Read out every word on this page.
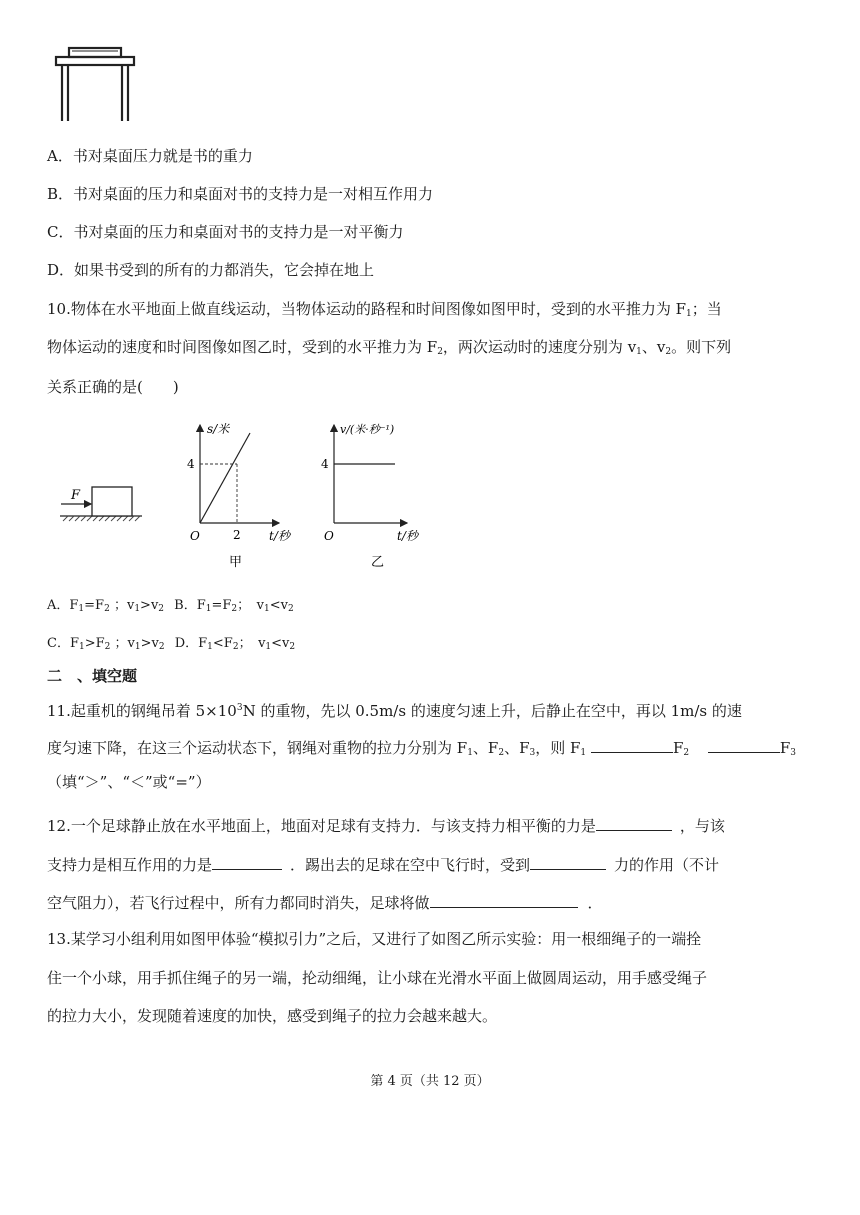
A．书对桌面压力就是书的重力
B．书对桌面的压力和桌面对书的支持力是一对相互作用力
C．书对桌面的压力和桌面对书的支持力是一对平衡力
D．如果书受到的所有的力都消失，它会掉在地上
10.物体在水平地面上做直线运动，当物体运动的路程和时间图像如图甲时，受到的水平推力为 $F_1$；当
物体运动的速度和时间图像如图乙时，受到的水平推力为 $F_2$，两次运动时的速度分别为 $v_1$、$v_2$。则下列
关系正确的是(　　)
F
s/米
4
2 t/秒
O
甲
v/(米·秒⁻¹)
4
t/秒
O
乙
A．$F_1=F_2$ ；$v_1>v_2$ B．$F_1=F_2$；　$v_1<v_2$
C．$F_1>F_2$ ；$v_1>v_2$ D．$F_1<F_2$；　$v_1<v_2$
二　、填空题
11.起重机的钢绳吊着 $5\times 10^3N$ 的重物，先以 0.5m/s 的速度匀速上升，后静止在空中，再以 1m/s 的速
度匀速下降，在这三个运动状态下，钢绳对重物的拉力分别为 $F_1$、$F_2$、$F_3$，则 $F_1$	$F_2$	$F_3$
（填“＞”、“＜”或“=”）
12.一个足球静止放在水平地面上，地面对足球有支持力．与该支持力相平衡的力是	，与该
支持力是相互作用的力是	．踢出去的足球在空中飞行时，受到	力的作用（不计
空气阻力），若飞行过程中，所有力都同时消失，足球将做	．
13.某学习小组利用如图甲体验“模拟引力”之后，又进行了如图乙所示实验：用一根细绳子的一端拴
住一个小球，用手抓住绳子的另一端，抡动细绳，让小球在光滑水平面上做圆周运动，用手感受绳子
的拉力大小，发现随着速度的加快，感受到绳子的拉力会越来越大。
第 4 页（共 12 页）
